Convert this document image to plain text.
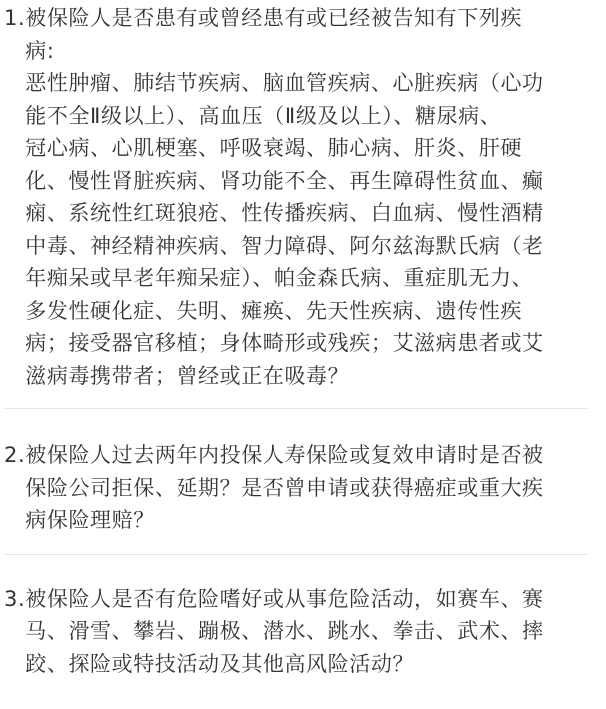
1. 被保险人是否患有或曾经患有或已经被告知有下列疾
病:
恶性肿瘤、肺结节疾病、脑血管疾病、心脏疾病（心功
能不全Ⅱ级以上）、高血压（Ⅱ级及以上）、糖尿病、
冠心病、心肌梗塞、呼吸衰竭、肺心病、肝炎、肝硬
化、慢性肾脏疾病、肾功能不全、再生障碍性贫血、癫
痫、系统性红斑狼疮、性传播疾病、白血病、慢性酒精
中毒、神经精神疾病、智力障碍、阿尔兹海默氏病（老
年痴呆或早老年痴呆症）、帕金森氏病、重症肌无力、
多发性硬化症、失明、瘫痪、先天性疾病、遗传性疾
病；接受器官移植；身体畸形或残疾；艾滋病患者或艾
滋病毒携带者；曾经或正在吸毒？
2. 被保险人过去两年内投保人寿保险或复效申请时是否被
保险公司拒保、延期？是否曾申请或获得癌症或重大疾
病保险理赔？
3. 被保险人是否有危险嗜好或从事危险活动，如赛车、赛
马、滑雪、攀岩、蹦极、潜水、跳水、拳击、武术、摔
跤、探险或特技活动及其他高风险活动？
